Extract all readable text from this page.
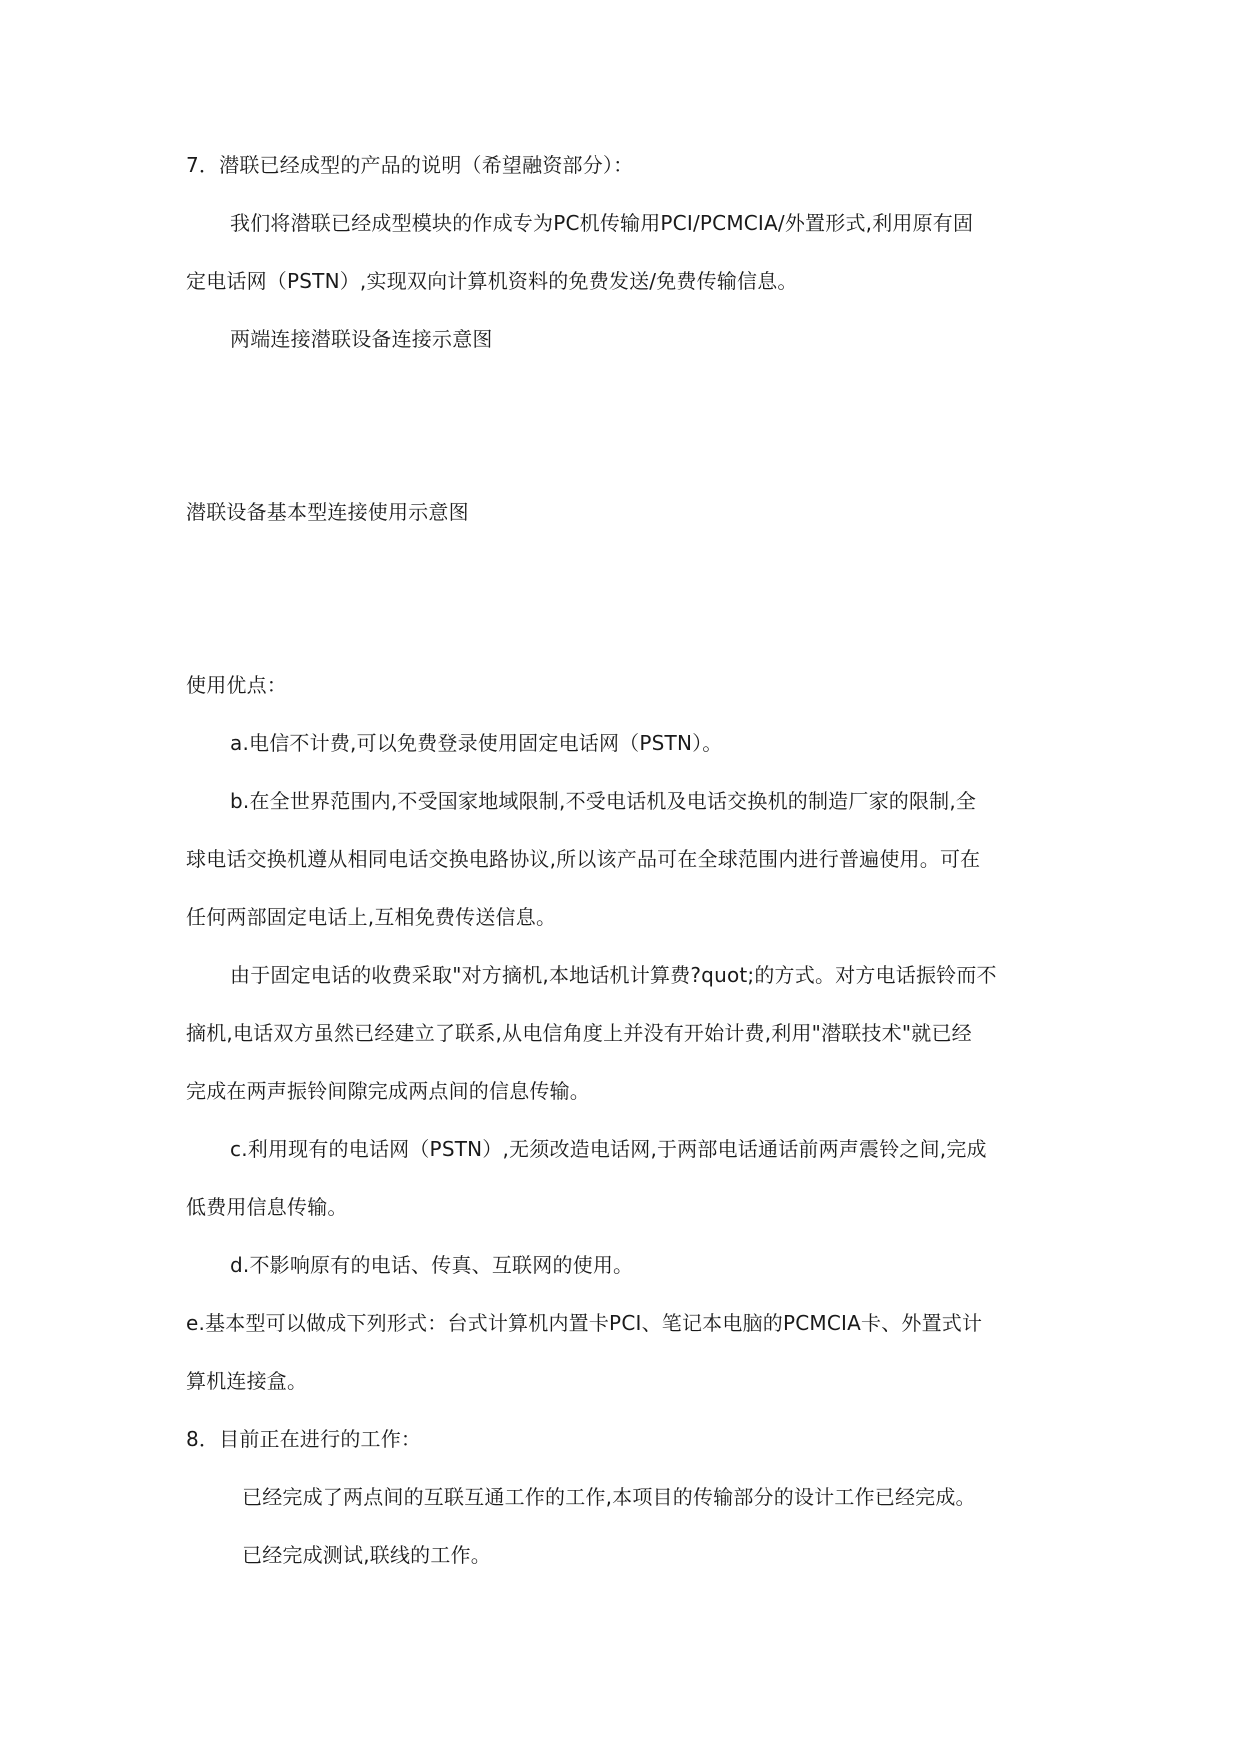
7．潜联已经成型的产品的说明（希望融资部分）：
我们将潜联已经成型模块的作成专为PC机传输用PCI/PCMCIA/外置形式,利用原有固
定电话网（PSTN）,实现双向计算机资料的免费发送/免费传输信息。
两端连接潜联设备连接示意图
潜联设备基本型连接使用示意图
使用优点：
a.电信不计费,可以免费登录使用固定电话网（PSTN）。
b.在全世界范围内,不受国家地域限制,不受电话机及电话交换机的制造厂家的限制,全
球电话交换机遵从相同电话交换电路协议,所以该产品可在全球范围内进行普遍使用。可在
任何两部固定电话上,互相免费传送信息。
由于固定电话的收费采取"对方摘机,本地话机计算费?quot;的方式。对方电话振铃而不
摘机,电话双方虽然已经建立了联系,从电信角度上并没有开始计费,利用"潜联技术"就已经
完成在两声振铃间隙完成两点间的信息传输。
c.利用现有的电话网（PSTN）,无须改造电话网,于两部电话通话前两声震铃之间,完成
低费用信息传输。
d.不影响原有的电话、传真、互联网的使用。
e.基本型可以做成下列形式：台式计算机内置卡PCI、笔记本电脑的PCMCIA卡、外置式计
算机连接盒。
8．目前正在进行的工作：
已经完成了两点间的互联互通工作的工作,本项目的传输部分的设计工作已经完成。
已经完成测试,联线的工作。
